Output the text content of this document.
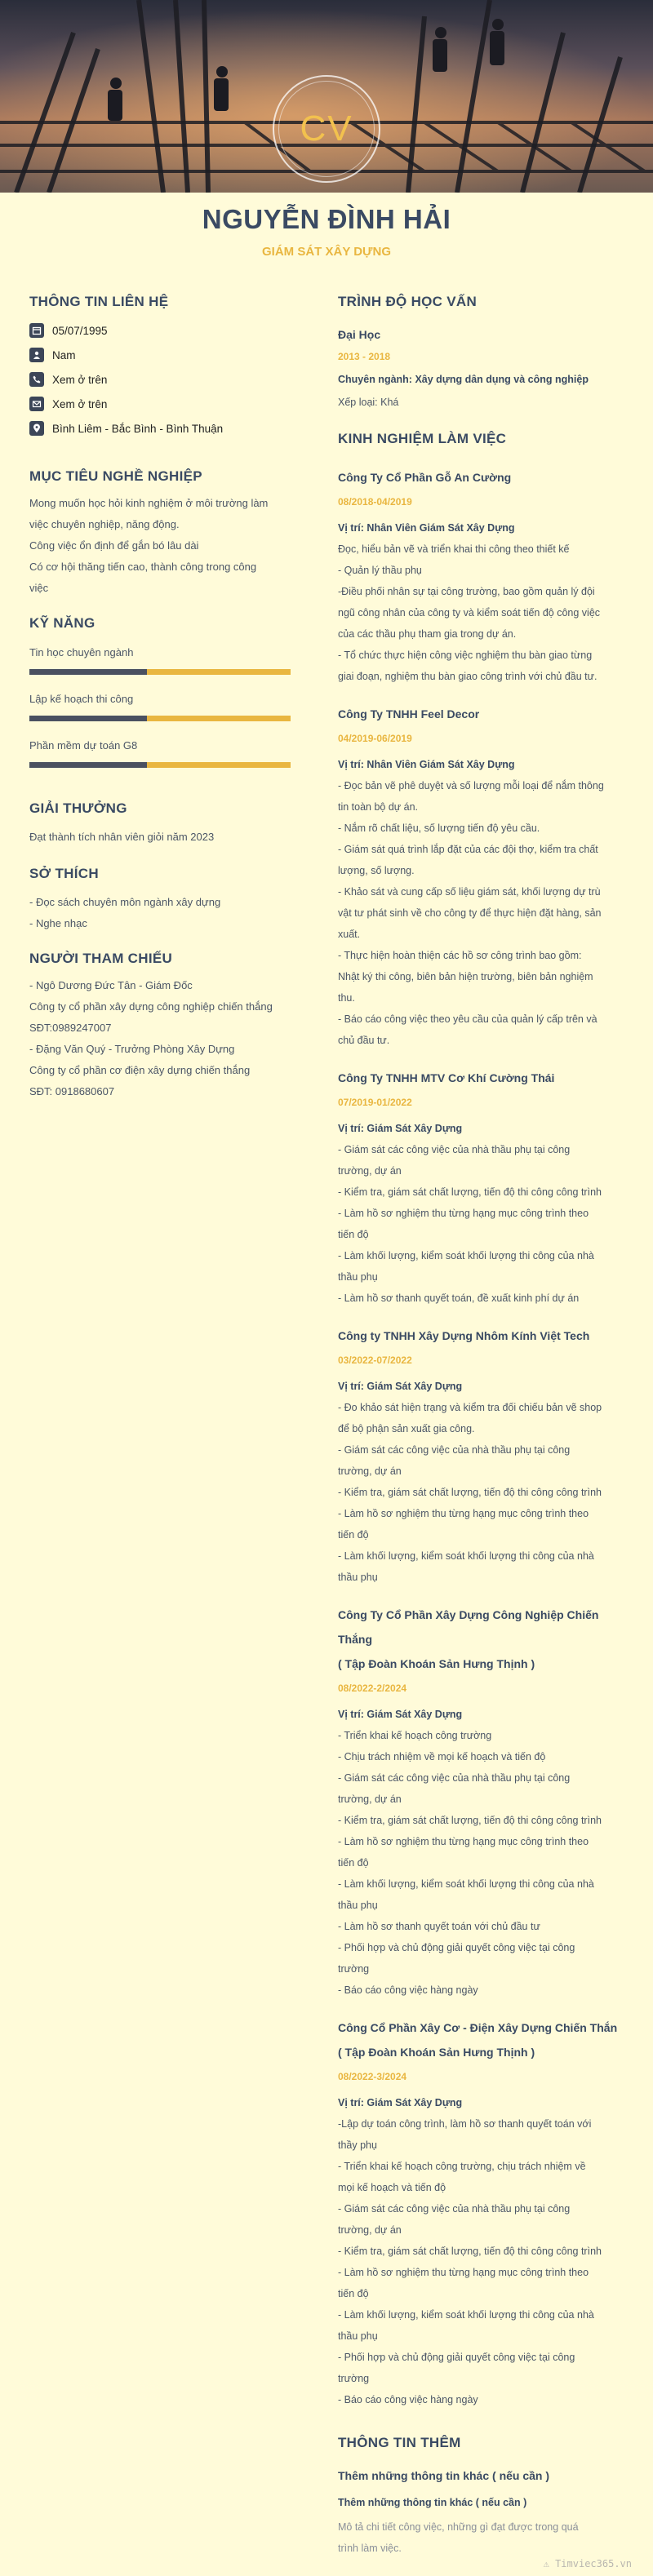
CV
NGUYỄN ĐÌNH HẢI
GIÁM SÁT XÂY DỰNG
THÔNG TIN LIÊN HỆ
05/07/1995
Nam
Xem ở trên
Xem ở trên
Bình Liêm - Bắc Bình - Bình Thuận
MỤC TIÊU NGHỀ NGHIỆP
Mong muốn học hỏi kinh nghiệm ở môi trường làm
việc chuyên nghiệp, năng động.
Công việc ổn định để gắn bó lâu dài
Có cơ hội thăng tiến cao, thành công trong công
việc
KỸ NĂNG
Tin học chuyên ngành
Lập kế hoạch thi công
Phần mềm dự toán G8
GIẢI THƯỞNG
Đạt thành tích nhân viên giỏi năm 2023
SỞ THÍCH
- Đọc sách chuyên môn ngành xây dựng
- Nghe nhạc
NGƯỜI THAM CHIẾU
- Ngô Dương Đức Tân - Giám Đốc
Công ty cổ phần xây dựng công nghiệp chiến thắng
SĐT:0989247007
- Đặng Văn Quý - Trưởng Phòng Xây Dựng
Công ty cổ phần cơ điện xây dựng chiến thắng
SĐT: 0918680607
TRÌNH ĐỘ HỌC VẤN
Đại Học
2013 - 2018
Chuyên ngành: Xây dựng dân dụng và công nghiệp
Xếp loại: Khá
KINH NGHIỆM LÀM VIỆC
Công Ty Cổ Phần Gỗ An Cường
08/2018-04/2019
Vị trí: Nhân Viên Giám Sát Xây Dựng
Đọc, hiểu bản vẽ và triển khai thi công theo thiết kế
- Quản lý thầu phụ
-Điều phối nhân sự tại công trường, bao gồm quản lý đội
ngũ công nhân của công ty và kiểm soát tiến độ công việc
của các thầu phụ tham gia trong dự án.
- Tổ chức thực hiện công việc nghiệm thu bàn giao từng
giai đoạn, nghiệm thu bàn giao công trình với chủ đầu tư.
Công Ty TNHH Feel Decor
04/2019-06/2019
Vị trí: Nhân Viên Giám Sát Xây Dựng
- Đọc bản vẽ phê duyệt và số lượng mỗi loại để nắm thông
tin toàn bộ dự án.
- Nắm rõ chất liệu, số lượng tiến độ yêu cầu.
- Giám sát quá trình lắp đặt của các đội thợ, kiểm tra chất
lượng, số lượng.
- Khảo sát và cung cấp số liệu giám sát, khối lượng dự trù
vật tư phát sinh về cho công ty để thực hiện đặt hàng, sản
xuất.
- Thực hiện hoàn thiện các hồ sơ công trình bao gồm:
Nhật ký thi công, biên bản hiện trường, biên bản nghiệm
thu.
- Báo cáo công việc theo yêu cầu của quản lý cấp trên và
chủ đầu tư.
Công Ty TNHH MTV Cơ Khí Cường Thái
07/2019-01/2022
Vị trí: Giám Sát Xây Dựng
- Giám sát các công việc của nhà thầu phụ tại công
trường, dự án
- Kiểm tra, giám sát chất lượng, tiến độ thi công công trình
- Làm hồ sơ nghiệm thu từng hạng mục công trình theo
tiến độ
- Làm khối lượng, kiểm soát khối lượng thi công của nhà
thầu phụ
- Làm hồ sơ thanh quyết toán, đề xuất kinh phí dự án
Công ty TNHH Xây Dựng Nhôm Kính Việt Tech
03/2022-07/2022
Vị trí: Giám Sát Xây Dựng
- Đo khảo sát hiện trạng và kiểm tra đối chiếu bản vẽ shop
để bộ phận sản xuất gia công.
- Giám sát các công việc của nhà thầu phụ tại công
trường, dự án
- Kiểm tra, giám sát chất lượng, tiến độ thi công công trình
- Làm hồ sơ nghiệm thu từng hạng mục công trình theo
tiến độ
- Làm khối lượng, kiểm soát khối lượng thi công của nhà
thầu phụ
Công Ty Cổ Phần Xây Dựng Công Nghiệp Chiến Thắng
( Tập Đoàn Khoán Sản Hưng Thịnh )
08/2022-2/2024
Vị trí: Giám Sát Xây Dựng
- Triển khai kế hoạch công trường
- Chịu trách nhiệm về mọi kế hoạch và tiến độ
- Giám sát các công việc của nhà thầu phụ tại công
trường, dự án
- Kiểm tra, giám sát chất lượng, tiến độ thi công công trình
- Làm hồ sơ nghiệm thu từng hạng mục công trình theo
tiến độ
- Làm khối lượng, kiểm soát khối lượng thi công của nhà
thầu phụ
- Làm hồ sơ thanh quyết toán với chủ đầu tư
- Phối hợp và chủ động giải quyết công việc tại công
trường
- Báo cáo công việc hàng ngày
Công Cổ Phần Xây Cơ - Điện Xây Dựng Chiến Thắn
( Tập Đoàn Khoán Sản Hưng Thịnh )
08/2022-3/2024
Vị trí: Giám Sát Xây Dựng
-Lập dự toán công trình, làm hồ sơ thanh quyết toán với
thầy phụ
- Triển khai kế hoạch công trường, chịu trách nhiệm về
mọi kế hoạch và tiến độ
- Giám sát các công việc của nhà thầu phụ tại công
trường, dự án
- Kiểm tra, giám sát chất lượng, tiến độ thi công công trình
- Làm hồ sơ nghiệm thu từng hạng mục công trình theo
tiến độ
- Làm khối lượng, kiểm soát khối lượng thi công của nhà
thầu phụ
- Phối hợp và chủ động giải quyết công việc tại công
trường
- Báo cáo công việc hàng ngày
THÔNG TIN THÊM
Thêm những thông tin khác ( nếu cần )
Thêm những thông tin khác ( nếu cần )
Mô tả chi tiết công việc, những gì đạt được trong quá
trình làm việc.
⚠ Timviec365.vn
